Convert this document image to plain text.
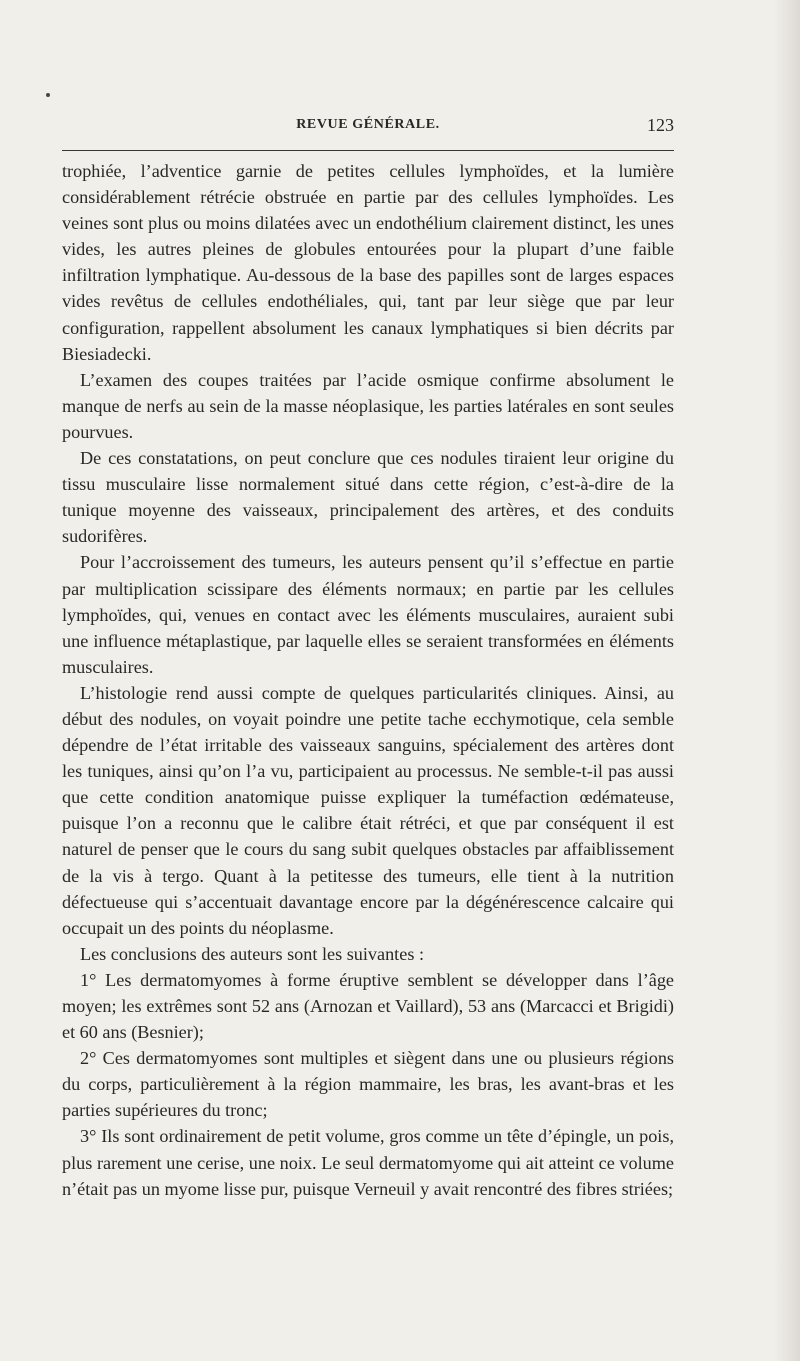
REVUE GÉNÉRALE.	123

trophiée, l’adventice garnie de petites cellules lymphoïdes, et la lumière considérablement rétrécie obstruée en partie par des cellules lymphoïdes. Les veines sont plus ou moins dilatées avec un endothélium clairement distinct, les unes vides, les autres pleines de globules entourées pour la plupart d’une faible infiltration lymphatique. Au-dessous de la base des papilles sont de larges espaces vides revêtus de cellules endothéliales, qui, tant par leur siège que par leur configuration, rappellent absolument les canaux lymphatiques si bien décrits par Biesiadecki.

L’examen des coupes traitées par l’acide osmique confirme absolument le manque de nerfs au sein de la masse néoplasique, les parties latérales en sont seules pourvues.

De ces constatations, on peut conclure que ces nodules tiraient leur origine du tissu musculaire lisse normalement situé dans cette région, c’est-à-dire de la tunique moyenne des vaisseaux, principalement des artères, et des conduits sudorifères.

Pour l’accroissement des tumeurs, les auteurs pensent qu’il s’effectue en partie par multiplication scissipare des éléments normaux; en partie par les cellules lymphoïdes, qui, venues en contact avec les éléments musculaires, auraient subi une influence métaplastique, par laquelle elles se seraient transformées en éléments musculaires.

L’histologie rend aussi compte de quelques particularités cliniques. Ainsi, au début des nodules, on voyait poindre une petite tache ecchymotique, cela semble dépendre de l’état irritable des vaisseaux sanguins, spécialement des artères dont les tuniques, ainsi qu’on l’a vu, participaient au processus. Ne semble-t-il pas aussi que cette condition anatomique puisse expliquer la tuméfaction œdémateuse, puisque l’on a reconnu que le calibre était rétréci, et que par conséquent il est naturel de penser que le cours du sang subit quelques obstacles par affaiblissement de la vis à tergo. Quant à la petitesse des tumeurs, elle tient à la nutrition défectueuse qui s’accentuait davantage encore par la dégénérescence calcaire qui occupait un des points du néoplasme.

Les conclusions des auteurs sont les suivantes :

1° Les dermatomyomes à forme éruptive semblent se développer dans l’âge moyen; les extrêmes sont 52 ans (Arnozan et Vaillard), 53 ans (Marcacci et Brigidi) et 60 ans (Besnier);

2° Ces dermatomyomes sont multiples et siègent dans une ou plusieurs régions du corps, particulièrement à la région mammaire, les bras, les avant-bras et les parties supérieures du tronc;

3° Ils sont ordinairement de petit volume, gros comme un tête d’épingle, un pois, plus rarement une cerise, une noix. Le seul dermatomyome qui ait atteint ce volume n’était pas un myome lisse pur, puisque Verneuil y avait rencontré des fibres striées;
